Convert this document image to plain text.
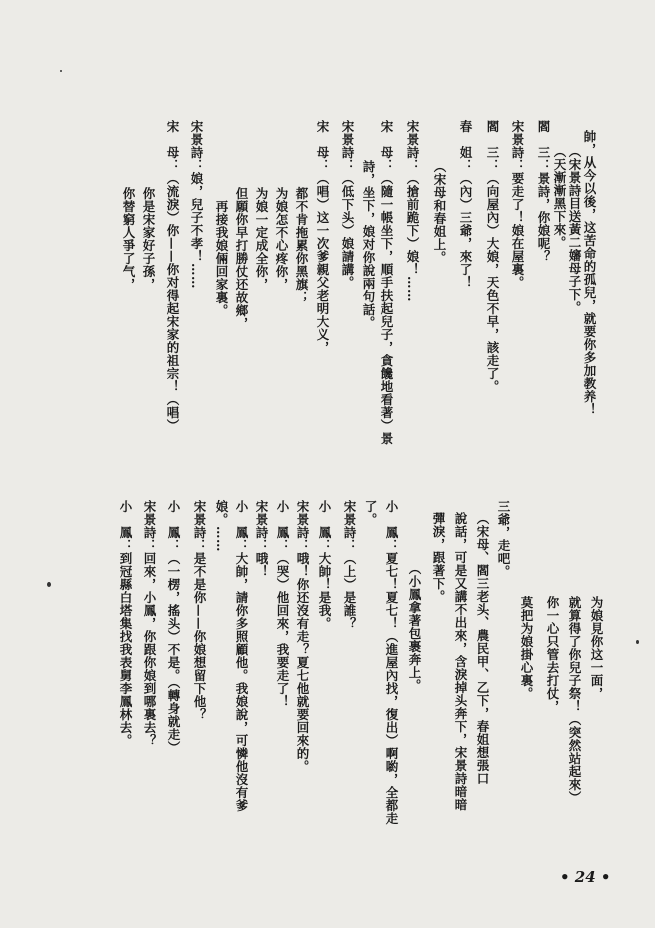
帥，从今以後，这苦命的孤兒，就要你多加教养！
（宋景詩目送黃二嬸母子下。
（天漸漸黑下來。
閻　三：景詩，你娘呢？
宋景詩：要走了！娘在屋裏。
閻　三：（向屋內）大娘，天色不早，該走了。
春　姐：（內）三爺，來了！
（宋母和春姐上。
宋景詩：（搶前跪下）娘！……
宋　母：（隨一帳坐下，順手扶起兒子，貪饞地看著）景
詩，坐下，娘对你說兩句話。
宋景詩：（低下头）娘請講。
宋　母：（唱）这一次爹親父老明大义，
都不肯拖累你黑旗；
为娘怎不心疼你，
为娘一定成全你，
但願你早打勝仗还故鄉，
再接我娘倆回家裏。
宋景詩：娘，兒子不孝！……
宋　母：（流淚）你——你对得起宋家的祖宗！（唱）
你是宋家好子孫，
你替窮人爭了气，
为娘見你这一面，
就算得了你兒子祭！（突然站起來）
你一心只管去打仗，
莫把为娘掛心裏。
三爺，走吧。
（宋母、閻三老头、農民甲、乙下，春姐想張口
說話，可是又講不出來，含淚掉头奔下，宋景詩暗暗
彈淚，跟著下。
（小鳳拿著包裹奔上。
小　鳳：夏七！夏七！（進屋內找，復出）啊喲，全都走
了。
宋景詩：（上）是誰？
小　鳳：大帥！是我。
宋景詩：哦！你还沒有走？夏七他就要回來的。
小　鳳：（哭）他回來，我要走了！
宋景詩：哦！
小　鳳：大帥，請你多照顧他。我娘說，可憐他沒有爹
娘。……
宋景詩：是不是你——你娘想留下他？
小　鳳：（一楞，搖头）不是。（轉身就走）
宋景詩：回來，小鳳，你跟你娘到哪裏去？
小　鳳：到冠縣白塔集找我表舅李鳳林去。
• 24 •
